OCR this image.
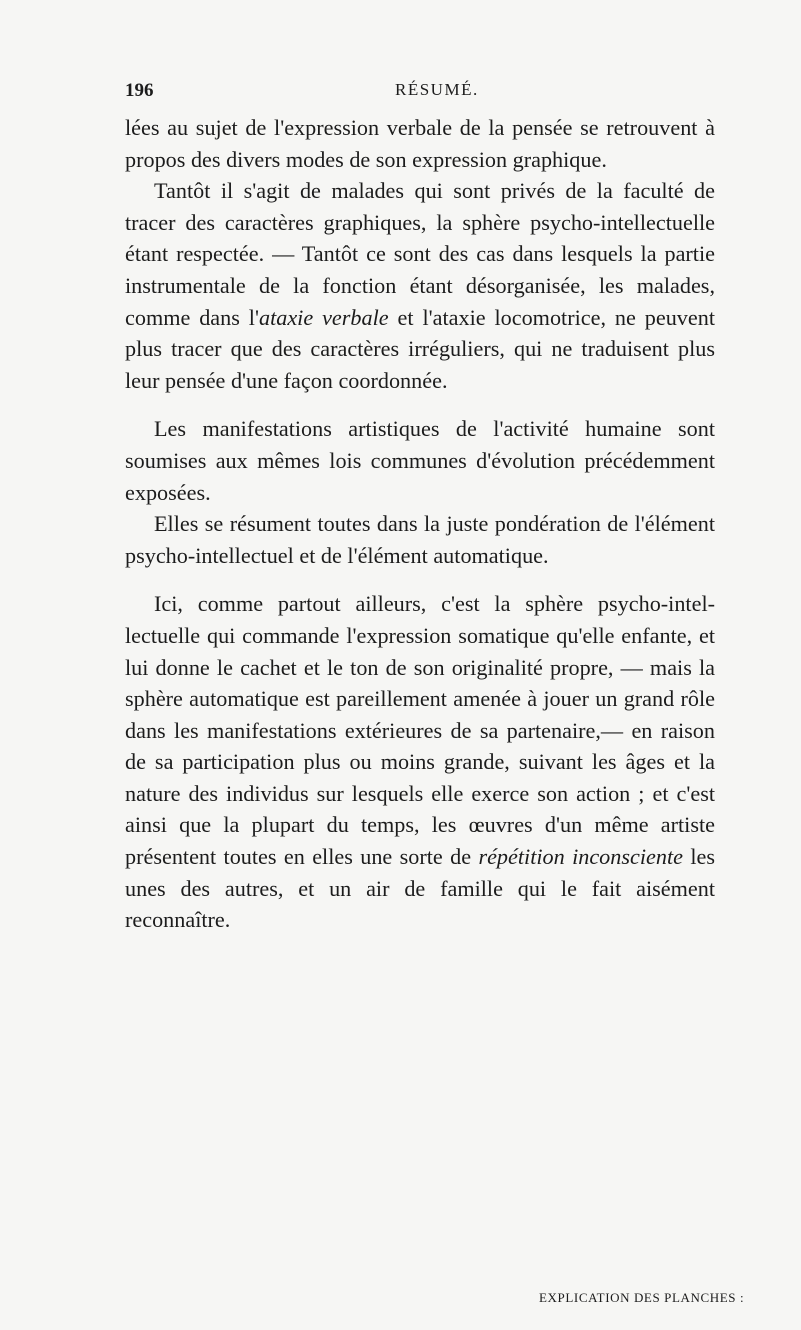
196	RÉSUMÉ.

lées au sujet de l'expression verbale de la pensée se retrouvent à propos des divers modes de son expression graphique.

Tantôt il s'agit de malades qui sont privés de la faculté de tracer des caractères graphiques, la sphère psycho-intellectuelle étant respectée. — Tantôt ce sont des cas dans lesquels la partie instrumentale de la fonction étant désorganisée, les malades, comme dans l'ataxie verbale et l'ataxie locomotrice, ne peuvent plus tracer que des caractères irréguliers, qui ne traduisent plus leur pensée d'une façon coordonnée.

Les manifestations artistiques de l'activité humaine sont soumises aux mêmes lois communes d'évolution précédemment exposées.

Elles se résument toutes dans la juste pondération de l'élément psycho-intellectuel et de l'élément automatique.

Ici, comme partout ailleurs, c'est la sphère psycho-intellectuelle qui commande l'expression somatique qu'elle enfante, et lui donne le cachet et le ton de son originalité propre, — mais la sphère automatique est pareillement amenée à jouer un grand rôle dans les manifestations extérieures de sa partenaire,— en raison de sa participation plus ou moins grande, suivant les âges et la nature des individus sur lesquels elle exerce son action ; et c'est ainsi que la plupart du temps, les œuvres d'un même artiste présentent toutes en elles une sorte de répétition inconsciente les unes des autres, et un air de famille qui le fait aisément reconnaître.

EXPLICATION DES PLANCHES :
